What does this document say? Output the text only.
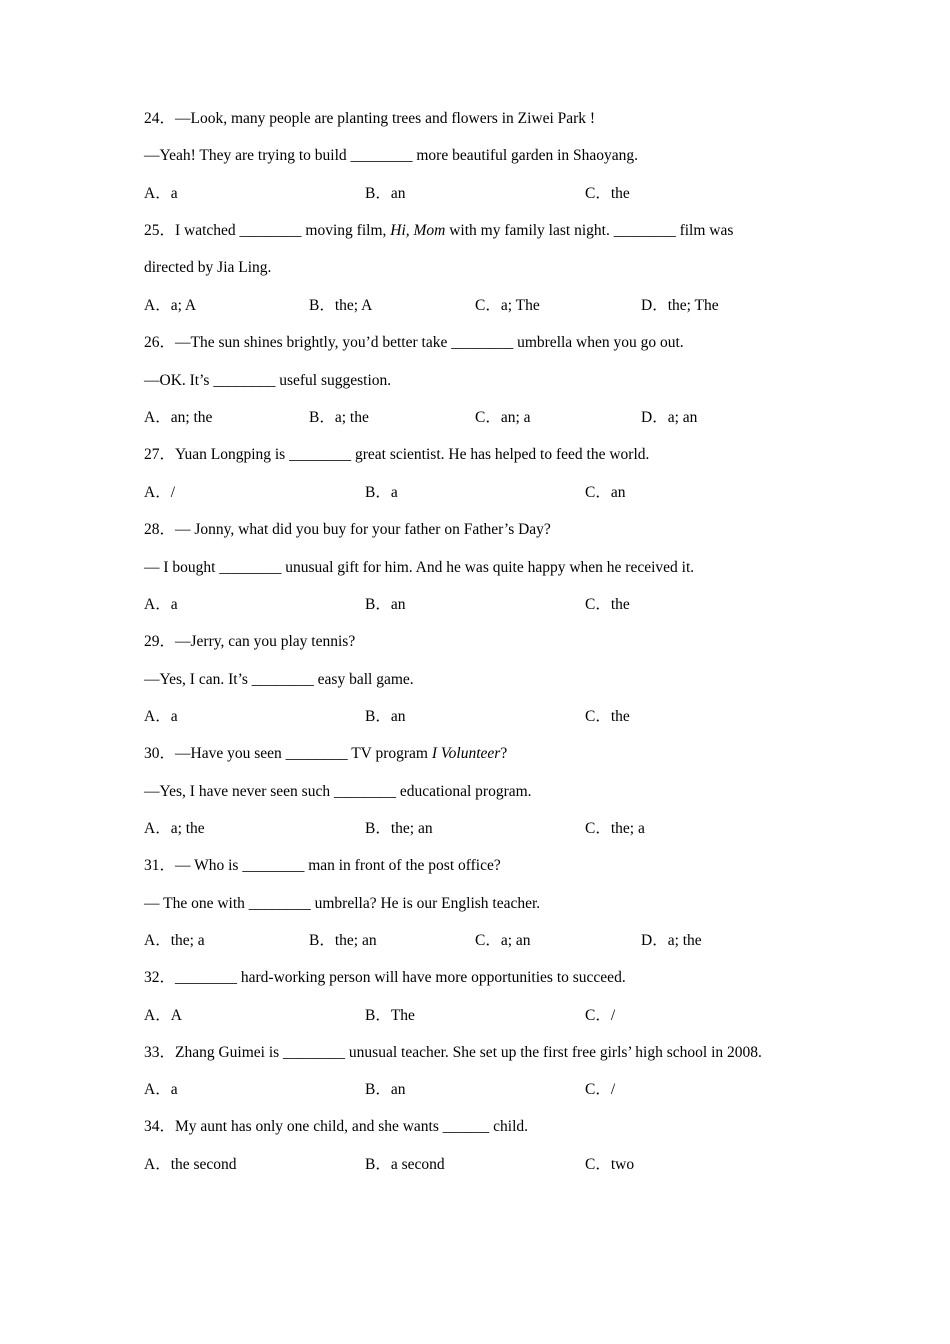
24．—Look, many people are planting trees and flowers in Ziwei Park !
—Yeah! They are trying to build ________ more beautiful garden in Shaoyang.
A．a	B．an	C．the
25．I watched ________ moving film, Hi, Mom with my family last night. ________ film was
directed by Jia Ling.
A．a; A	B．the; A	C．a; The	D．the; The
26．—The sun shines brightly, you’d better take ________ umbrella when you go out.
—OK. It’s ________ useful suggestion.
A．an; the	B．a; the	C．an; a	D．a; an
27．Yuan Longping is ________ great scientist. He has helped to feed the world.
A．/	B．a	C．an
28．— Jonny, what did you buy for your father on Father’s Day?
— I bought ________ unusual gift for him. And he was quite happy when he received it.
A．a	B．an	C．the
29．—Jerry, can you play tennis?
—Yes, I can. It’s ________ easy ball game.
A．a	B．an	C．the
30．—Have you seen ________ TV program I Volunteer?
—Yes, I have never seen such ________ educational program.
A．a; the	B．the; an	C．the; a
31．— Who is ________ man in front of the post office?
— The one with ________ umbrella? He is our English teacher.
A．the; a	B．the; an	C．a; an	D．a; the
32．________ hard-working person will have more opportunities to succeed.
A．A	B．The	C．/
33．Zhang Guimei is ________ unusual teacher. She set up the first free girls’ high school in 2008.
A．a	B．an	C．/
34．My aunt has only one child, and she wants ______ child.
A．the second	B．a second	C．two
